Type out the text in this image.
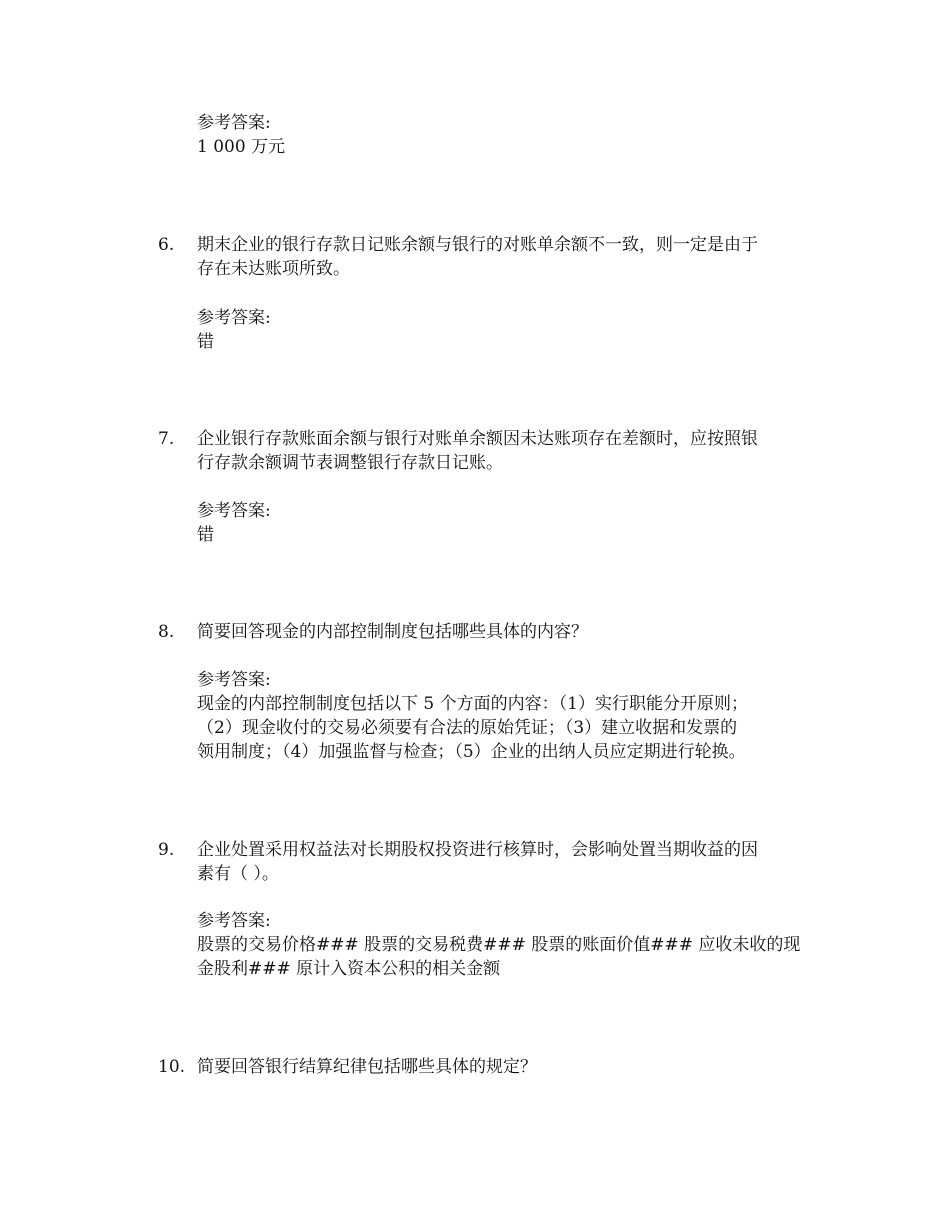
参考答案:
1 000 万元
6.	期末企业的银行存款日记账余额与银行的对账单余额不一致，则一定是由于
存在未达账项所致。
参考答案:
错
7.	企业银行存款账面余额与银行对账单余额因未达账项存在差额时，应按照银
行存款余额调节表调整银行存款日记账。
参考答案:
错
8.	简要回答现金的内部控制制度包括哪些具体的内容？
参考答案:
现金的内部控制制度包括以下 5 个方面的内容：（1）实行职能分开原则；
（2）现金收付的交易必须要有合法的原始凭证；（3）建立收据和发票的
领用制度；（4）加强监督与检查；（5）企业的出纳人员应定期进行轮换。
9.	企业处置采用权益法对长期股权投资进行核算时，会影响处置当期收益的因
素有（ ）。
参考答案:
股票的交易价格### 股票的交易税费### 股票的账面价值### 应收未收的现
金股利### 原计入资本公积的相关金额
10. 简要回答银行结算纪律包括哪些具体的规定？
